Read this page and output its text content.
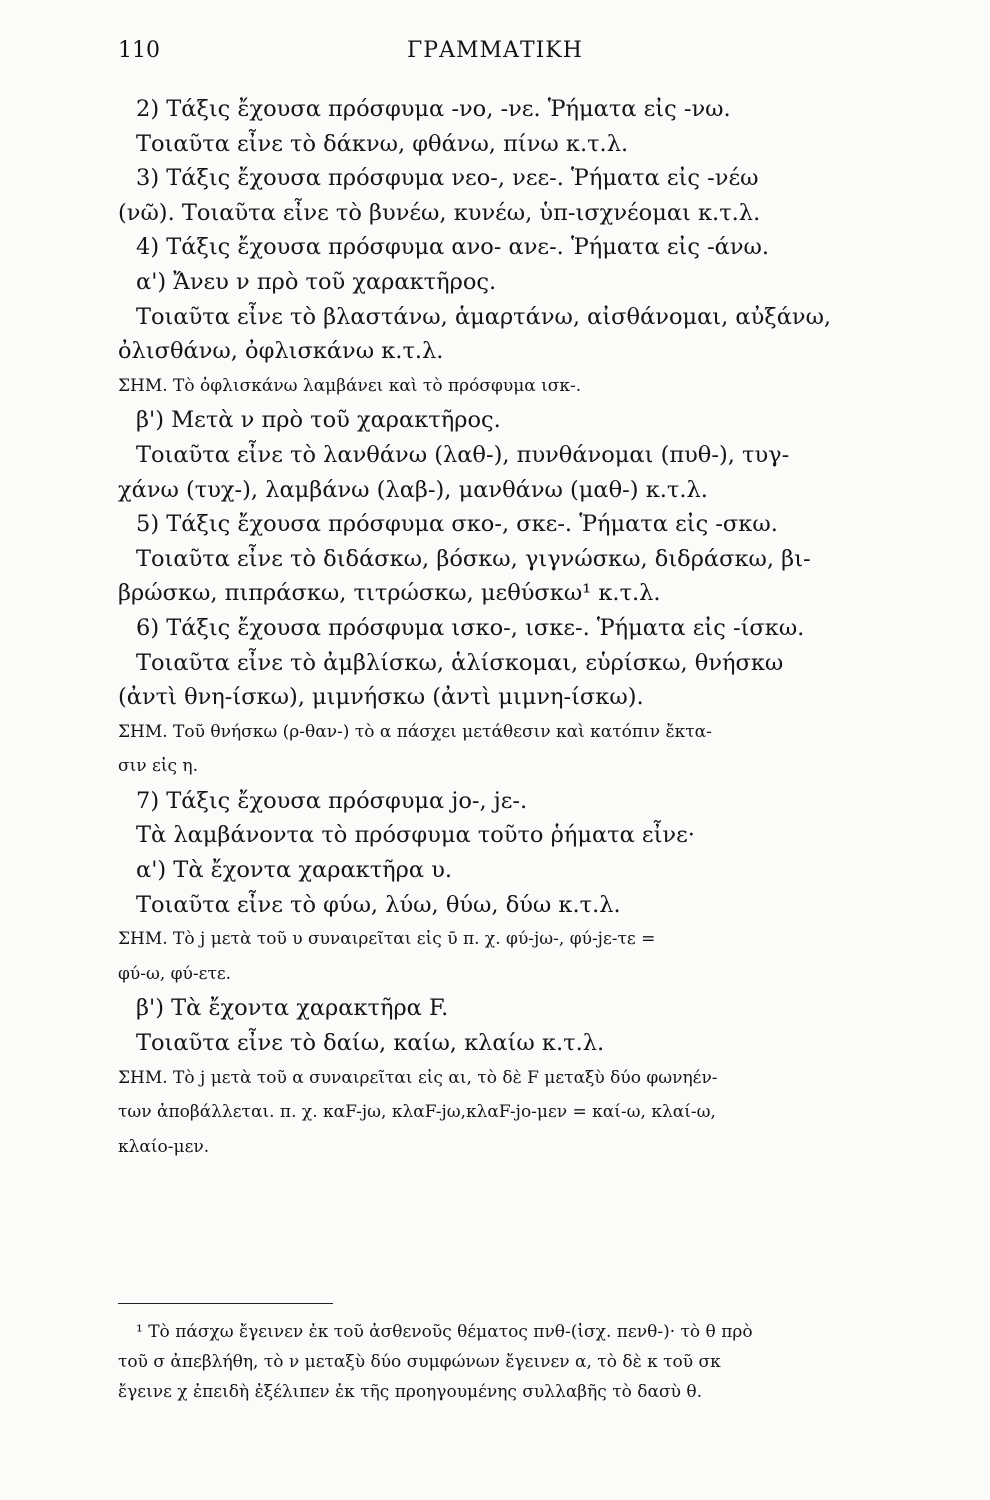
110	ΓΡΑΜΜΑΤΙΚΗ
2) Τάξις ἔχουσα πρόσφυμα -νο, -νε. Ῥήματα εἰς -νω.
Τοιαῦτα εἶνε τὸ δάκνω, φθάνω, πίνω κ.τ.λ.
3) Τάξις ἔχουσα πρόσφυμα νεο-, νεε-. Ῥήματα εἰς -νέω
(νῶ). Τοιαῦτα εἶνε τὸ βυνέω, κυνέω, ὑπ-ισχνέομαι κ.τ.λ.
4) Τάξις ἔχουσα πρόσφυμα ανο- ανε-. Ῥήματα εἰς -άνω.
α') Ἄνευ ν πρὸ τοῦ χαρακτῆρος.
Τοιαῦτα εἶνε τὸ βλαστάνω, ἁμαρτάνω, αἰσθάνομαι, αὐξάνω,
ὀλισθάνω, ὀφλισκάνω κ.τ.λ.
ΣΗΜ. Τὸ ὀφλισκάνω λαμβάνει καὶ τὸ πρόσφυμα ισκ-.
β') Μετὰ ν πρὸ τοῦ χαρακτῆρος.
Τοιαῦτα εἶνε τὸ λανθάνω (λαθ-), πυνθάνομαι (πυθ-), τυγ-
χάνω (τυχ-), λαμβάνω (λαβ-), μανθάνω (μαθ-) κ.τ.λ.
5) Τάξις ἔχουσα πρόσφυμα σκο-, σκε-. Ῥήματα εἰς -σκω.
Τοιαῦτα εἶνε τὸ διδάσκω, βόσκω, γιγνώσκω, διδράσκω, βι-
βρώσκω, πιπράσκω, τιτρώσκω, μεθύσκω¹ κ.τ.λ.
6) Τάξις ἔχουσα πρόσφυμα ισκο-, ισκε-. Ῥήματα εἰς -ίσκω.
Τοιαῦτα εἶνε τὸ ἀμβλίσκω, ἁλίσκομαι, εὑρίσκω, θνήσκω
(ἀντὶ θνη-ίσκω), μιμνήσκω (ἀντὶ μιμνη-ίσκω).
ΣΗΜ. Τοῦ θνήσκω (ρ-θαν-) τὸ α πάσχει μετάθεσιν καὶ κατόπιν ἔκτα-
σιν εἰς η.
7) Τάξις ἔχουσα πρόσφυμα jο-, jε-.
Τὰ λαμβάνοντα τὸ πρόσφυμα τοῦτο ῥήματα εἶνε·
α') Τὰ ἔχοντα χαρακτῆρα υ.
Τοιαῦτα εἶνε τὸ φύω, λύω, θύω, δύω κ.τ.λ.
ΣΗΜ. Τὸ j μετὰ τοῦ υ συναιρεῖται εἰς ῡ π. χ. φύ-jω-, φύ-jε-τε =
φύ-ω, φύ-ετε.
β') Τὰ ἔχοντα χαρακτῆρα F.
Τοιαῦτα εἶνε τὸ δαίω, καίω, κλαίω κ.τ.λ.
ΣΗΜ. Τὸ j μετὰ τοῦ α συναιρεῖται εἰς αι, τὸ δὲ F μεταξὺ δύο φωνηέν-
των ἀποβάλλεται. π. χ. καF-jω, κλαF-jω,κλαF-jo-μεν = καί-ω, κλαί-ω,
κλαίο-μεν.
¹ Τὸ πάσχω ἔγεινεν ἐκ τοῦ ἀσθενοῦς θέματος πνθ-(ἰσχ. πενθ-)· τὸ θ πρὸ
τοῦ σ ἀπεβλήθη, τὸ ν μεταξὺ δύο συμφώνων ἔγεινεν α, τὸ δὲ κ τοῦ σκ
ἔγεινε χ ἐπειδὴ ἐξέλιπεν ἐκ τῆς προηγουμένης συλλαβῆς τὸ δασὺ θ.
